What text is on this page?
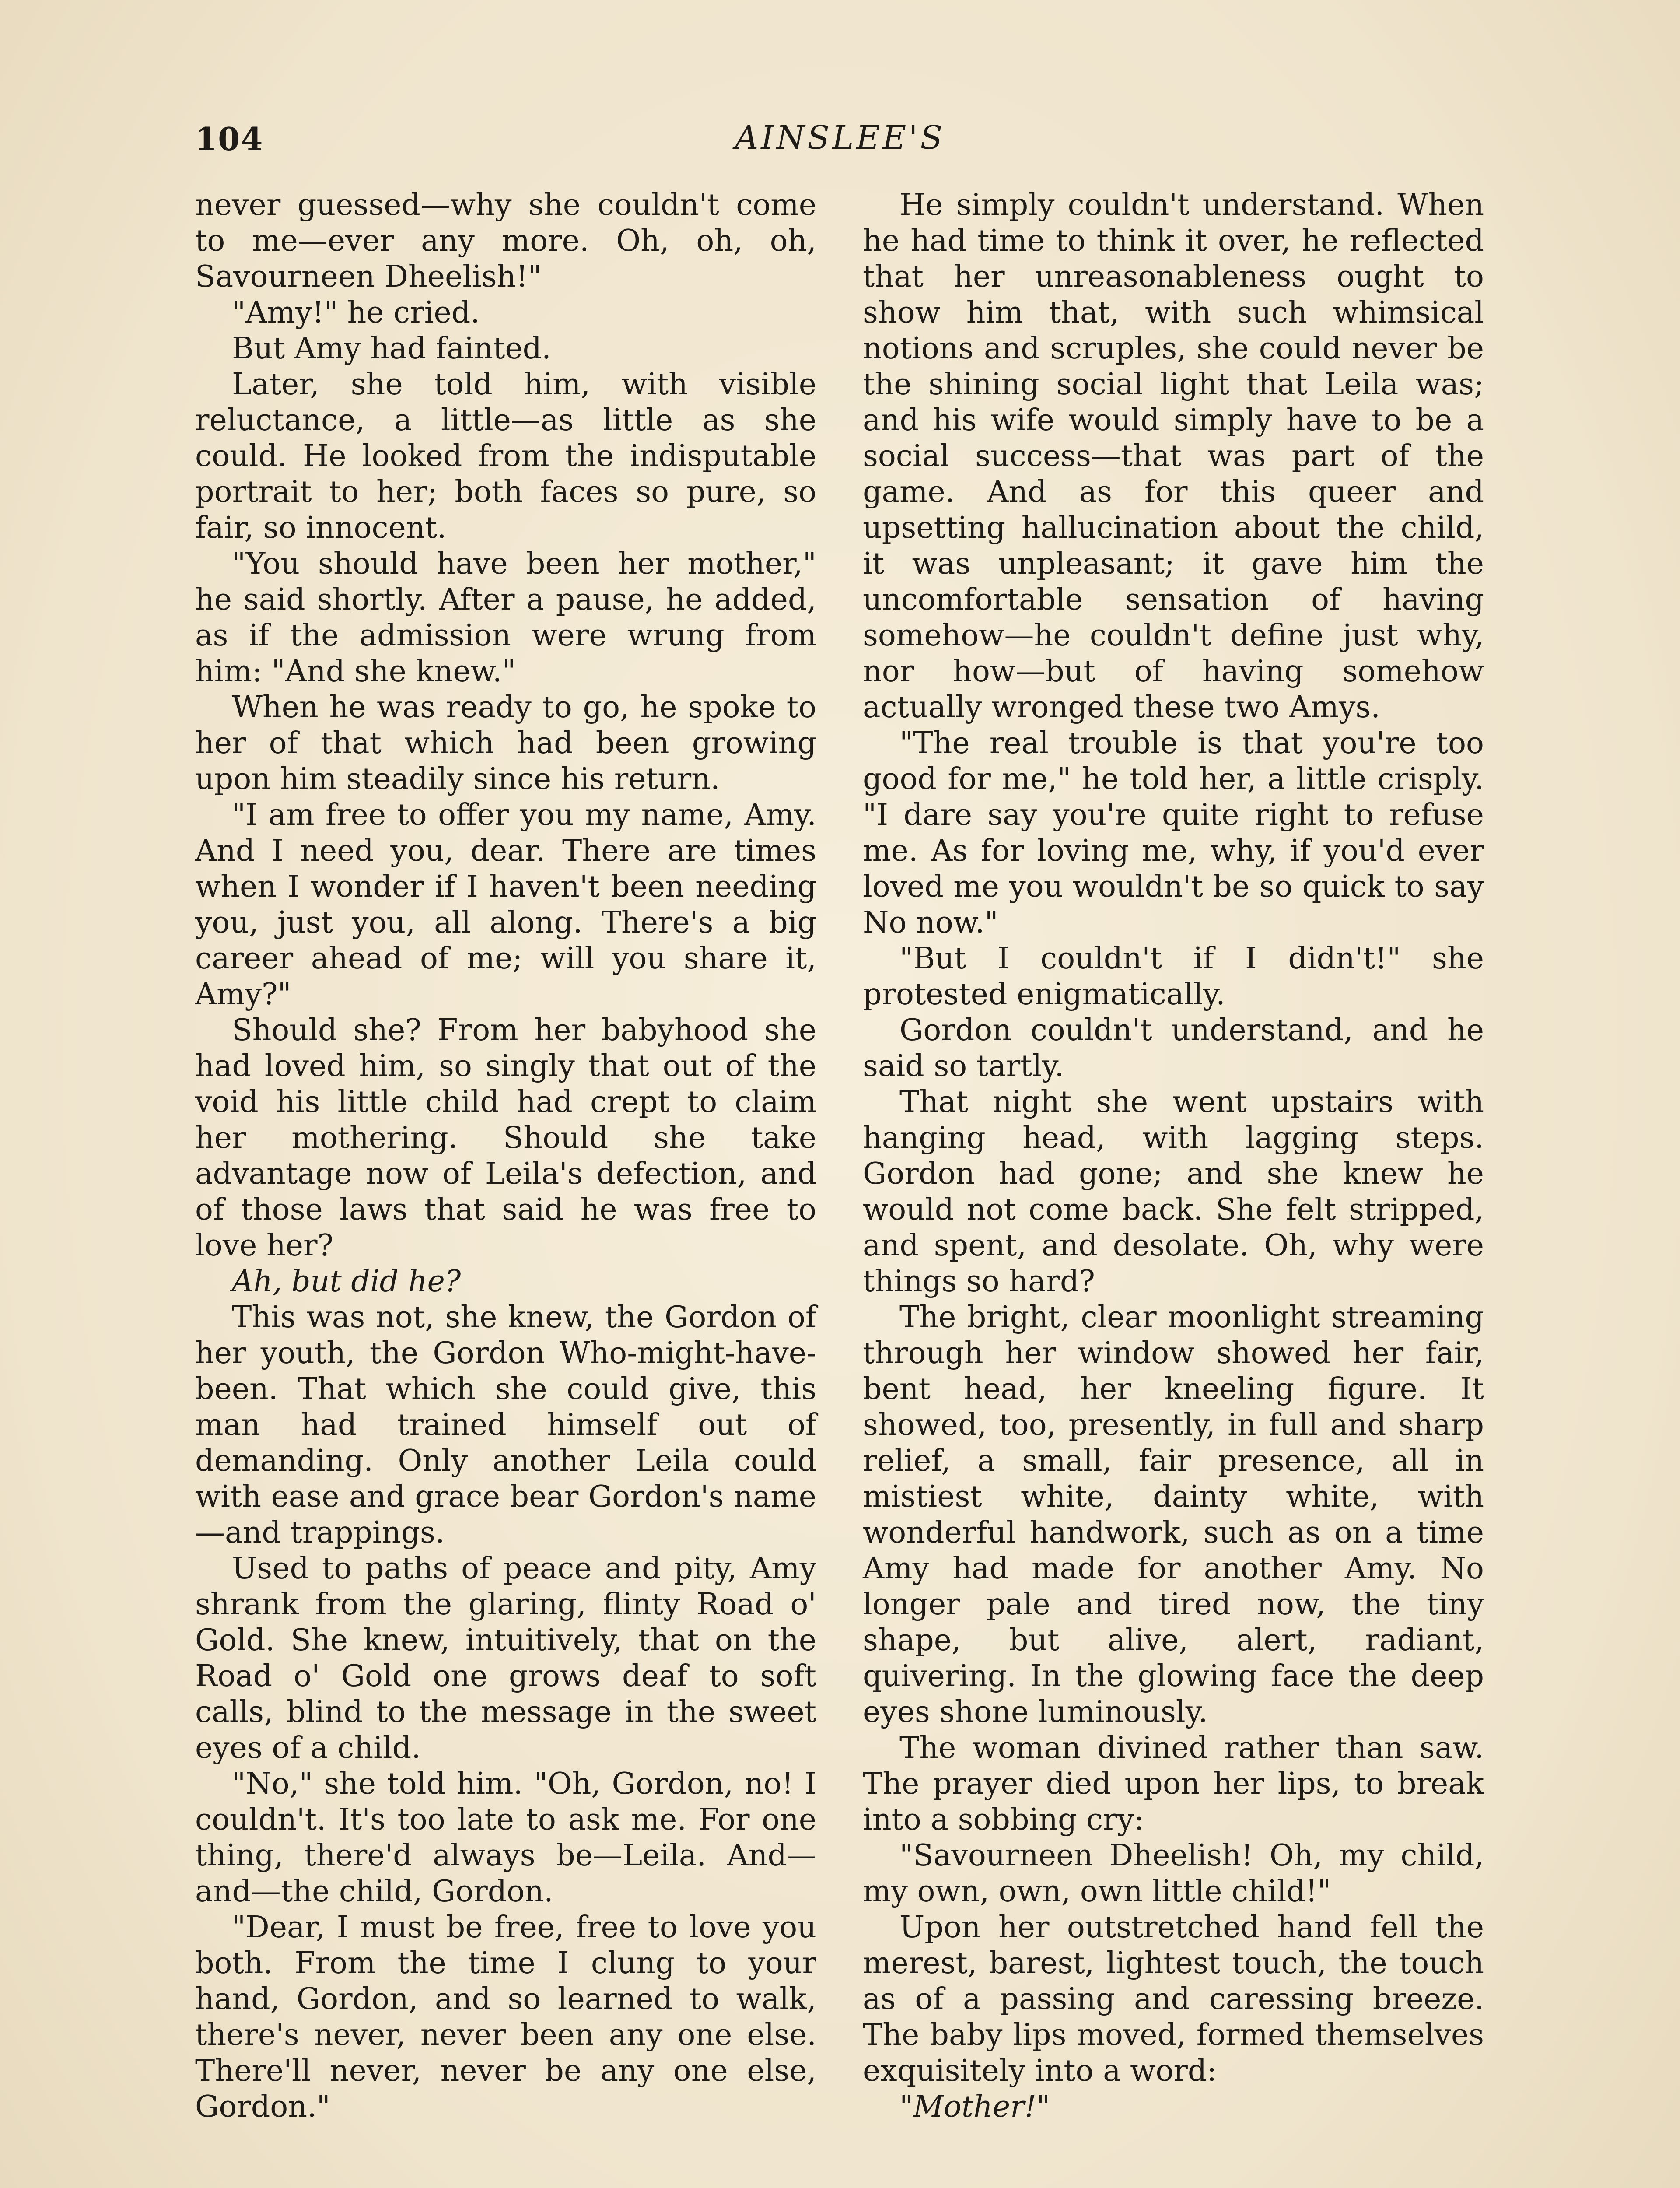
104	AINSLEE'S

never guessed—why she couldn't come to me—ever any more. Oh, oh, oh, Savourneen Dheelish!"

"Amy!" he cried.

But Amy had fainted.

Later, she told him, with visible reluctance, a little—as little as she could. He looked from the indisputable portrait to her; both faces so pure, so fair, so innocent.

"You should have been her mother," he said shortly. After a pause, he added, as if the admission were wrung from him: "And she knew."

When he was ready to go, he spoke to her of that which had been growing upon him steadily since his return.

"I am free to offer you my name, Amy. And I need you, dear. There are times when I wonder if I haven't been needing you, just you, all along. There's a big career ahead of me; will you share it, Amy?"

Should she? From her babyhood she had loved him, so singly that out of the void his little child had crept to claim her mothering. Should she take advantage now of Leila's defection, and of those laws that said he was free to love her?

Ah, but did he?

This was not, she knew, the Gordon of her youth, the Gordon Who-might-have-been. That which she could give, this man had trained himself out of demanding. Only another Leila could with ease and grace bear Gordon's name —and trappings.

Used to paths of peace and pity, Amy shrank from the glaring, flinty Road o' Gold. She knew, intuitively, that on the Road o' Gold one grows deaf to soft calls, blind to the message in the sweet eyes of a child.

"No," she told him. "Oh, Gordon, no! I couldn't. It's too late to ask me. For one thing, there'd always be—Leila. And—and—the child, Gordon.

"Dear, I must be free, free to love you both. From the time I clung to your hand, Gordon, and so learned to walk, there's never, never been any one else. There'll never, never be any one else, Gordon."

He simply couldn't understand. When he had time to think it over, he reflected that her unreasonableness ought to show him that, with such whimsical notions and scruples, she could never be the shining social light that Leila was; and his wife would simply have to be a social success—that was part of the game. And as for this queer and upsetting hallucination about the child, it was unpleasant; it gave him the uncomfortable sensation of having somehow—he couldn't define just why, nor how—but of having somehow actually wronged these two Amys.

"The real trouble is that you're too good for me," he told her, a little crisply. "I dare say you're quite right to refuse me. As for loving me, why, if you'd ever loved me you wouldn't be so quick to say No now."

"But I couldn't if I didn't!" she protested enigmatically.

Gordon couldn't understand, and he said so tartly.

That night she went upstairs with hanging head, with lagging steps. Gordon had gone; and she knew he would not come back. She felt stripped, and spent, and desolate. Oh, why were things so hard?

The bright, clear moonlight streaming through her window showed her fair, bent head, her kneeling figure. It showed, too, presently, in full and sharp relief, a small, fair presence, all in mistiest white, dainty white, with wonderful handwork, such as on a time Amy had made for another Amy. No longer pale and tired now, the tiny shape, but alive, alert, radiant, quivering. In the glowing face the deep eyes shone luminously.

The woman divined rather than saw. The prayer died upon her lips, to break into a sobbing cry:

"Savourneen Dheelish! Oh, my child, my own, own, own little child!"

Upon her outstretched hand fell the merest, barest, lightest touch, the touch as of a passing and caressing breeze. The baby lips moved, formed themselves exquisitely into a word:

"Mother!"
